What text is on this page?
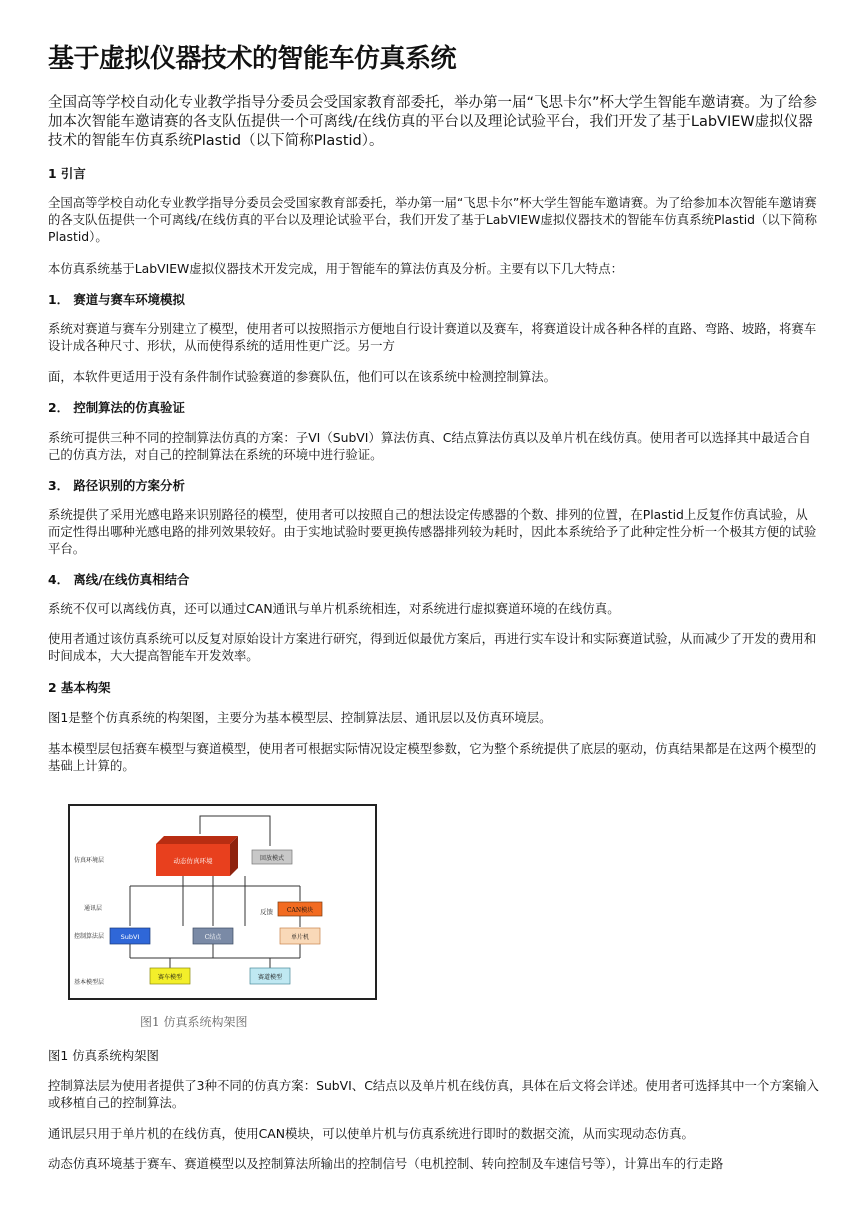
基于虚拟仪器技术的智能车仿真系统
全国高等学校自动化专业教学指导分委员会受国家教育部委托，举办第一届“飞思卡尔”杯大学生智能车邀请赛。为了给参加本次智能车邀请赛的各支队伍提供一个可离线/在线仿真的平台以及理论试验平台，我们开发了基于LabVIEW虚拟仪器技术的智能车仿真系统Plastid（以下简称Plastid）。
1 引言
全国高等学校自动化专业教学指导分委员会受国家教育部委托，举办第一届“飞思卡尔”杯大学生智能车邀请赛。为了给参加本次智能车邀请赛的各支队伍提供一个可离线/在线仿真的平台以及理论试验平台，我们开发了基于LabVIEW虚拟仪器技术的智能车仿真系统Plastid（以下简称Plastid）。
本仿真系统基于LabVIEW虚拟仪器技术开发完成，用于智能车的算法仿真及分析。主要有以下几大特点：
1． 赛道与赛车环境模拟
系统对赛道与赛车分别建立了模型，使用者可以按照指示方便地自行设计赛道以及赛车，将赛道设计成各种各样的直路、弯路、坡路，将赛车设计成各种尺寸、形状，从而使得系统的适用性更广泛。另一方
面，本软件更适用于没有条件制作试验赛道的参赛队伍，他们可以在该系统中检测控制算法。
2． 控制算法的仿真验证
系统可提供三种不同的控制算法仿真的方案：子VI（SubVI）算法仿真、C结点算法仿真以及单片机在线仿真。使用者可以选择其中最适合自己的仿真方法，对自己的控制算法在系统的环境中进行验证。
3． 路径识别的方案分析
系统提供了采用光感电路来识别路径的模型，使用者可以按照自己的想法设定传感器的个数、排列的位置，在Plastid上反复作仿真试验，从而定性得出哪种光感电路的排列效果较好。由于实地试验时要更换传感器排列较为耗时，因此本系统给予了此种定性分析一个极其方便的试验平台。
4． 离线/在线仿真相结合
系统不仅可以离线仿真，还可以通过CAN通讯与单片机系统相连，对系统进行虚拟赛道环境的在线仿真。
使用者通过该仿真系统可以反复对原始设计方案进行研究，得到近似最优方案后，再进行实车设计和实际赛道试验，从而减少了开发的费用和时间成本，大大提高智能车开发效率。
2 基本构架
图1是整个仿真系统的构架图，主要分为基本模型层、控制算法层、通讯层以及仿真环境层。
基本模型层包括赛车模型与赛道模型，使用者可根据实际情况设定模型参数，它为整个系统提供了底层的驱动，仿真结果都是在这两个模型的基础上计算的。
仿真环境层
通讯层
控制算法层
基本模型层
动态仿真环境	回放模式
反馈 CAN模块
单片机
SubVI	C结点
赛车模型	赛道模型
图1 仿真系统构架图
图1 仿真系统构架图
控制算法层为使用者提供了3种不同的仿真方案：SubVI、C结点以及单片机在线仿真，具体在后文将会详述。使用者可选择其中一个方案输入或移植自己的控制算法。
通讯层只用于单片机的在线仿真，使用CAN模块，可以使单片机与仿真系统进行即时的数据交流，从而实现动态仿真。
动态仿真环境基于赛车、赛道模型以及控制算法所输出的控制信号（电机控制、转向控制及车速信号等），计算出车的行走路
